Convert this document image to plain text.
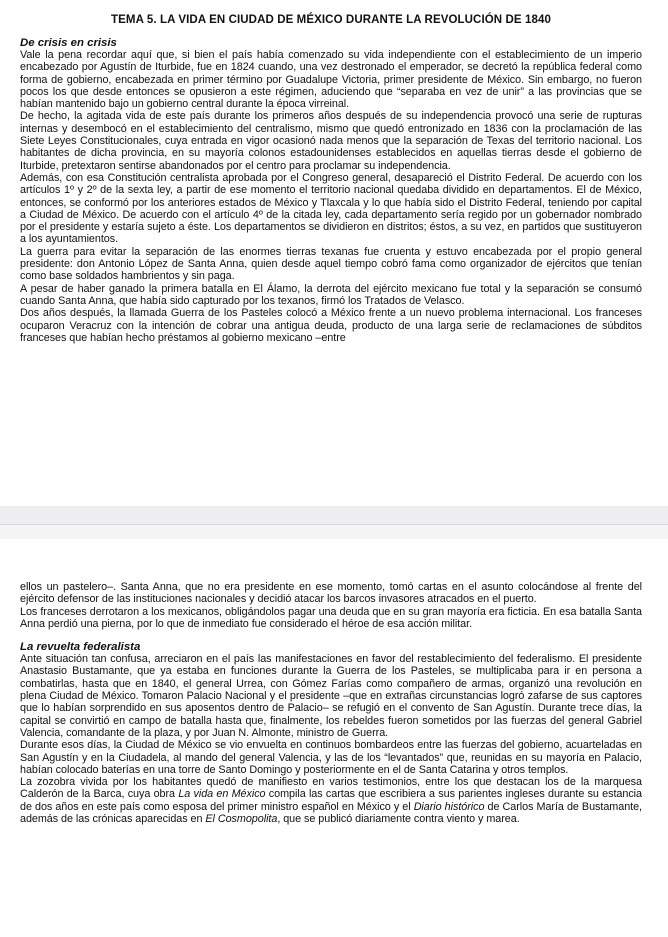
TEMA 5. LA VIDA EN CIUDAD DE MÉXICO DURANTE LA REVOLUCIÓN DE 1840
De crisis en crisis

Vale la pena recordar aquí que, si bien el país había comenzado su vida independiente con el establecimiento de un imperio encabezado por Agustín de Iturbide, fue en 1824 cuando, una vez destronado el emperador, se decretó la república federal como forma de gobierno, encabezada en primer término por Guadalupe Victoria, primer presidente de México. Sin embargo, no fueron pocos los que desde entonces se opusieron a este régimen, aduciendo que “separaba en vez de unir” a las provincias que se habían mantenido bajo un gobierno central durante la época virreinal.

De hecho, la agitada vida de este país durante los primeros años después de su independencia provocó una serie de rupturas internas y desembocó en el establecimiento del centralismo, mismo que quedó entronizado en 1836 con la proclamación de las Siete Leyes Constitucionales, cuya entrada en vigor ocasionó nada menos que la separación de Texas del territorio nacional. Los habitantes de dicha provincia, en su mayoría colonos estadounidenses establecidos en aquellas tierras desde el gobierno de Iturbide, pretextaron sentirse abandonados por el centro para proclamar su independencia.

Además, con esa Constitución centralista aprobada por el Congreso general, desapareció el Distrito Federal. De acuerdo con los artículos 1º y 2º de la sexta ley, a partir de ese momento el territorio nacional quedaba dividido en departamentos. El de México, entonces, se conformó por los anteriores estados de México y Tlaxcala y lo que había sido el Distrito Federal, teniendo por capital a Ciudad de México. De acuerdo con el artículo 4º de la citada ley, cada departamento sería regido por un gobernador nombrado por el presidente y estaría sujeto a éste. Los departamentos se dividieron en distritos; éstos, a su vez, en partidos que sustituyeron a los ayuntamientos.

La guerra para evitar la separación de las enormes tierras texanas fue cruenta y estuvo encabezada por el propio general presidente: don Antonio López de Santa Anna, quien desde aquel tiempo cobró fama como organizador de ejércitos que tenían como base soldados hambrientos y sin paga.

A pesar de haber ganado la primera batalla en El Álamo, la derrota del ejército mexicano fue total y la separación se consumó cuando Santa Anna, que había sido capturado por los texanos, firmó los Tratados de Velasco.

Dos años después, la llamada Guerra de los Pasteles colocó a México frente a un nuevo problema internacional. Los franceses ocuparon Veracruz con la intención de cobrar una antigua deuda, producto de una larga serie de reclamaciones de súbditos franceses que habían hecho préstamos al gobierno mexicano –entre

ellos un pastelero–. Santa Anna, que no era presidente en ese momento, tomó cartas en el asunto colocándose al frente del ejército defensor de las instituciones nacionales y decidió atacar los barcos invasores atracados en el puerto.

Los franceses derrotaron a los mexicanos, obligándolos pagar una deuda que en su gran mayoría era ficticia. En esa batalla Santa Anna perdió una pierna, por lo que de inmediato fue considerado el héroe de esa acción militar.

La revuelta federalista

Ante situación tan confusa, arreciaron en el país las manifestaciones en favor del restablecimiento del federalismo. El presidente Anastasio Bustamante, que ya estaba en funciones durante la Guerra de los Pasteles, se multiplicaba para ir en persona a combatirlas, hasta que en 1840, el general Urrea, con Gómez Farías como compañero de armas, organizó una revolución en plena Ciudad de México. Tomaron Palacio Nacional y el presidente –que en extrañas circunstancias logró zafarse de sus captores que lo habían sorprendido en sus aposentos dentro de Palacio– se refugió en el convento de San Agustín. Durante trece días, la capital se convirtió en campo de batalla hasta que, finalmente, los rebeldes fueron sometidos por las fuerzas del general Gabriel Valencia, comandante de la plaza, y por Juan N. Almonte, ministro de Guerra.

Durante esos días, la Ciudad de México se vio envuelta en continuos bombardeos entre las fuerzas del gobierno, acuarteladas en San Agustín y en la Ciudadela, al mando del general Valencia, y las de los “levantados” que, reunidas en su mayoría en Palacio, habían colocado baterías en una torre de Santo Domingo y posteriormente en el de Santa Catarina y otros templos.

La zozobra vivida por los habitantes quedó de manifiesto en varios testimonios, entre los que destacan los de la marquesa Calderón de la Barca, cuya obra La vida en México compila las cartas que escribiera a sus parientes ingleses durante su estancia de dos años en este país como esposa del primer ministro español en México y el Diario histórico de Carlos María de Bustamante, además de las crónicas aparecidas en El Cosmopolita, que se publicó diariamente contra viento y marea.
